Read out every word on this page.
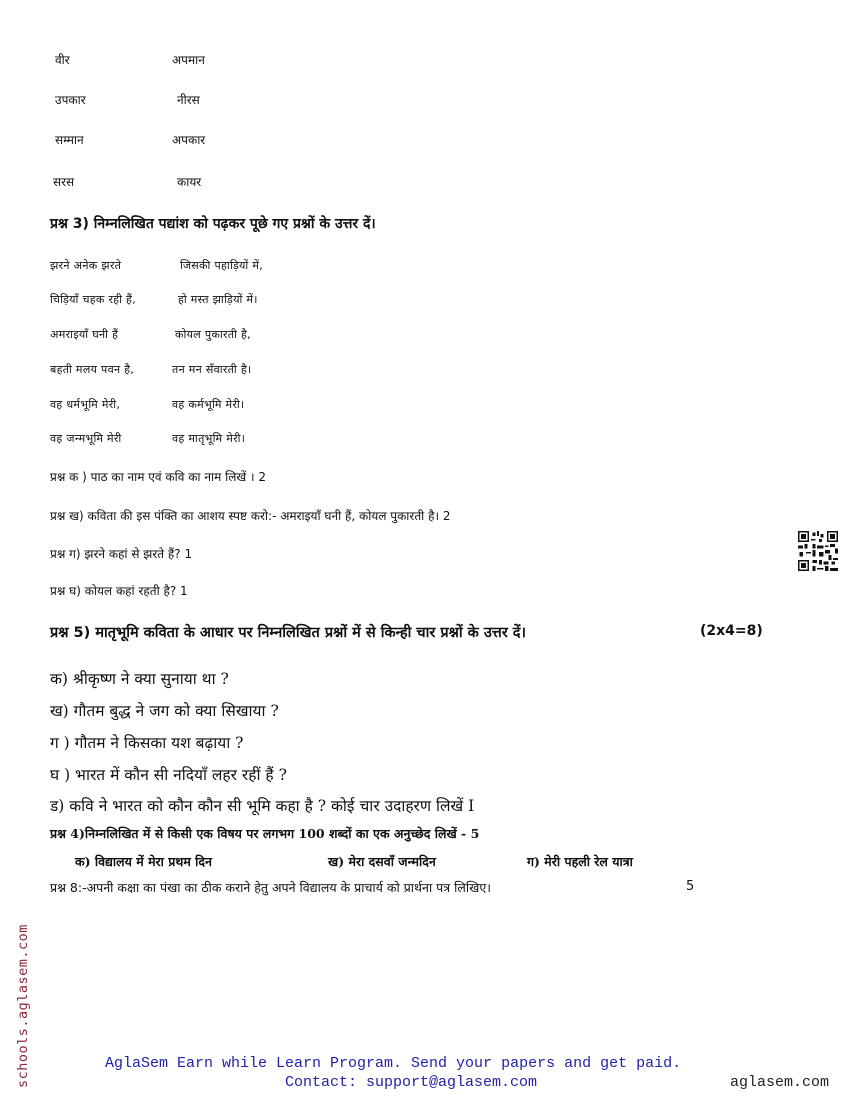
वीर	अपमान
उपकार	नीरस
सम्मान	अपकार
सरस	कायर
प्रश्न 3) निम्नलिखित पद्यांश को पढ़कर पूछे गए प्रश्नों के उत्तर दें।
झरने अनेक झरते	जिसकी पहाड़ियों में,
चिड़ियाँ चहक रही हैं,	हो मस्त झाड़ियों में।
अमराइयाँ घनी हैं	कोयल पुकारती है,
बहती मलय पवन है,	तन मन सँवारती है।
वह धर्मभूमि मेरी,	वह कर्मभूमि मेरी।
वह जन्मभूमि मेरी	वह मातृभूमि मेरी।
प्रश्न क ) पाठ का नाम एवं कवि का नाम लिखें । 2
प्रश्न ख) कविता की इस पंक्ति का आशय स्पष्ट करो:- अमराइयाँ घनी हैं, कोयल पुकारती है। 2
प्रश्न ग) झरने कहां से झरते हैं? 1
प्रश्न घ) कोयल कहां रहती है? 1
प्रश्न 5) मातृभूमि कविता के आधार पर निम्नलिखित प्रश्नों में से किन्ही चार प्रश्नों के उत्तर दें।	(2x4=8)
क) श्रीकृष्ण ने क्या सुनाया था ?
ख) गौतम बुद्ध ने जग को क्या सिखाया ?
ग ) गौतम ने किसका यश बढ़ाया ?
घ ) भारत में कौन सी नदियाँ लहर रहीं हैं ?
ड) कवि ने भारत को कौन कौन सी भूमि कहा है ? कोई चार उदाहरण लिखें I
प्रश्न 4)निम्नलिखित में से किसी एक विषय पर लगभग 100 शब्दों का एक अनुच्छेद लिखें - 5
क) विद्यालय में मेरा प्रथम दिन	ख) मेरा दसवाँ जन्मदिन	ग) मेरी पहली रेल यात्रा
प्रश्न 8:-अपनी कक्षा का पंखा का ठीक कराने हेतु अपने विद्यालय के प्राचार्य को प्रार्थना पत्र लिखिए।	5
schools.aglasem.com	AglaSem Earn while Learn Program. Send your papers and get paid.
Contact: support@aglasem.com	aglasem.com
